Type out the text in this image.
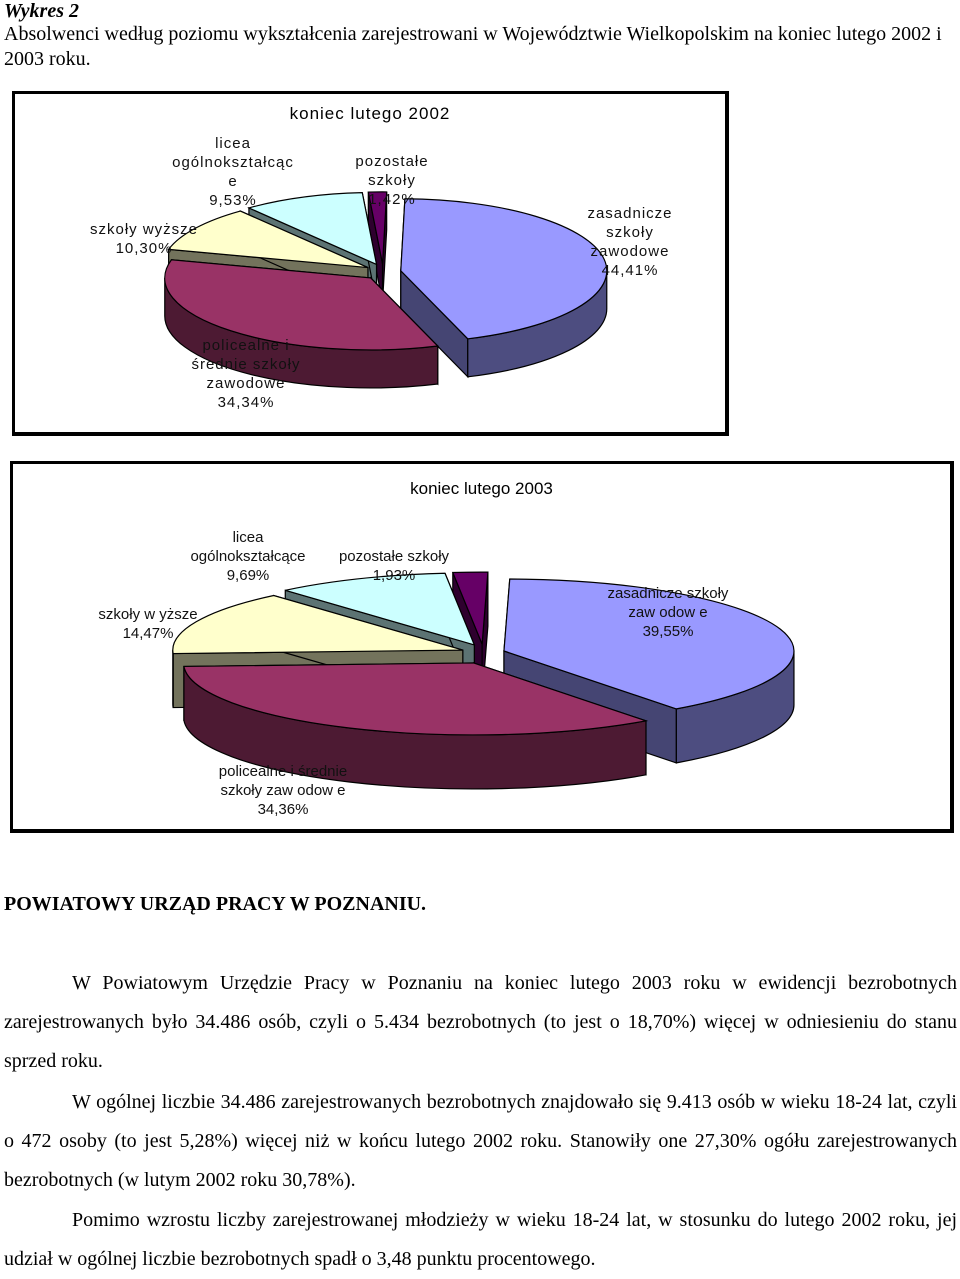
Wykres 2
Absolwenci według poziomu wykształcenia zarejestrowani w Województwie Wielkopolskim na koniec lutego 2002 i 2003 roku.
koniec lutego 2002
licea
ogólnokształcąc
e
9,53%
pozostałe
szkoły
1,42%
zasadnicze
szkoły
zawodowe
44,41%
szkoły wyższe
10,30%
policealne i
średnie szkoły
zawodowe
34,34%
koniec lutego 2003
licea
ogólnokształcące
9,69%
pozostałe szkoły
1,93%
zasadnicze szkoły
zaw odow e
39,55%
szkoły w yższe
14,47%
policealne i średnie
szkoły zaw odow e
34,36%
POWIATOWY URZĄD PRACY W POZNANIU.
W Powiatowym Urzędzie Pracy w Poznaniu na koniec lutego 2003 roku w ewidencji bezrobotnych zarejestrowanych było 34.486 osób, czyli o 5.434 bezrobotnych (to jest o 18,70%) więcej w odniesieniu do stanu sprzed roku.
W ogólnej liczbie 34.486 zarejestrowanych bezrobotnych znajdowało się 9.413 osób w wieku 18-24 lat, czyli o 472 osoby (to jest 5,28%) więcej niż w końcu lutego 2002 roku. Stanowiły one 27,30% ogółu zarejestrowanych bezrobotnych (w lutym 2002 roku 30,78%).
Pomimo wzrostu liczby zarejestrowanej młodzieży w wieku 18-24 lat, w stosunku do lutego 2002 roku, jej udział w ogólnej liczbie bezrobotnych spadł o 3,48 punktu procentowego.
